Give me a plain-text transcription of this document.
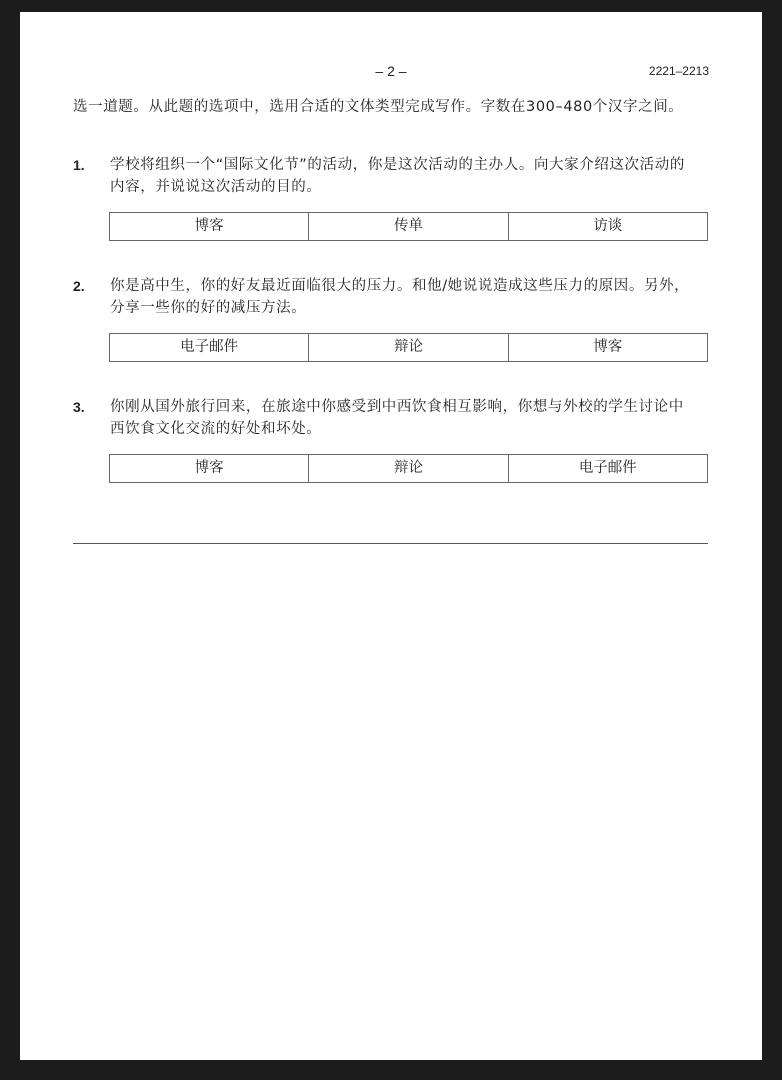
– 2 –	2221–2213
选一道题。从此题的选项中，选用合适的文体类型完成写作。字数在300–480个汉字之间。
1. 学校将组织一个“国际文化节”的活动，你是这次活动的主办人。向大家介绍这次活动的内容，并说说这次活动的目的。
博客	传单	访谈
2. 你是高中生，你的好友最近面临很大的压力。和他/她说说造成这些压力的原因。另外，分享一些你的好的减压方法。
电子邮件	辩论	博客
3. 你刚从国外旅行回来，在旅途中你感受到中西饮食相互影响，你想与外校的学生讨论中西饮食文化交流的好处和坏处。
博客	辩论	电子邮件
